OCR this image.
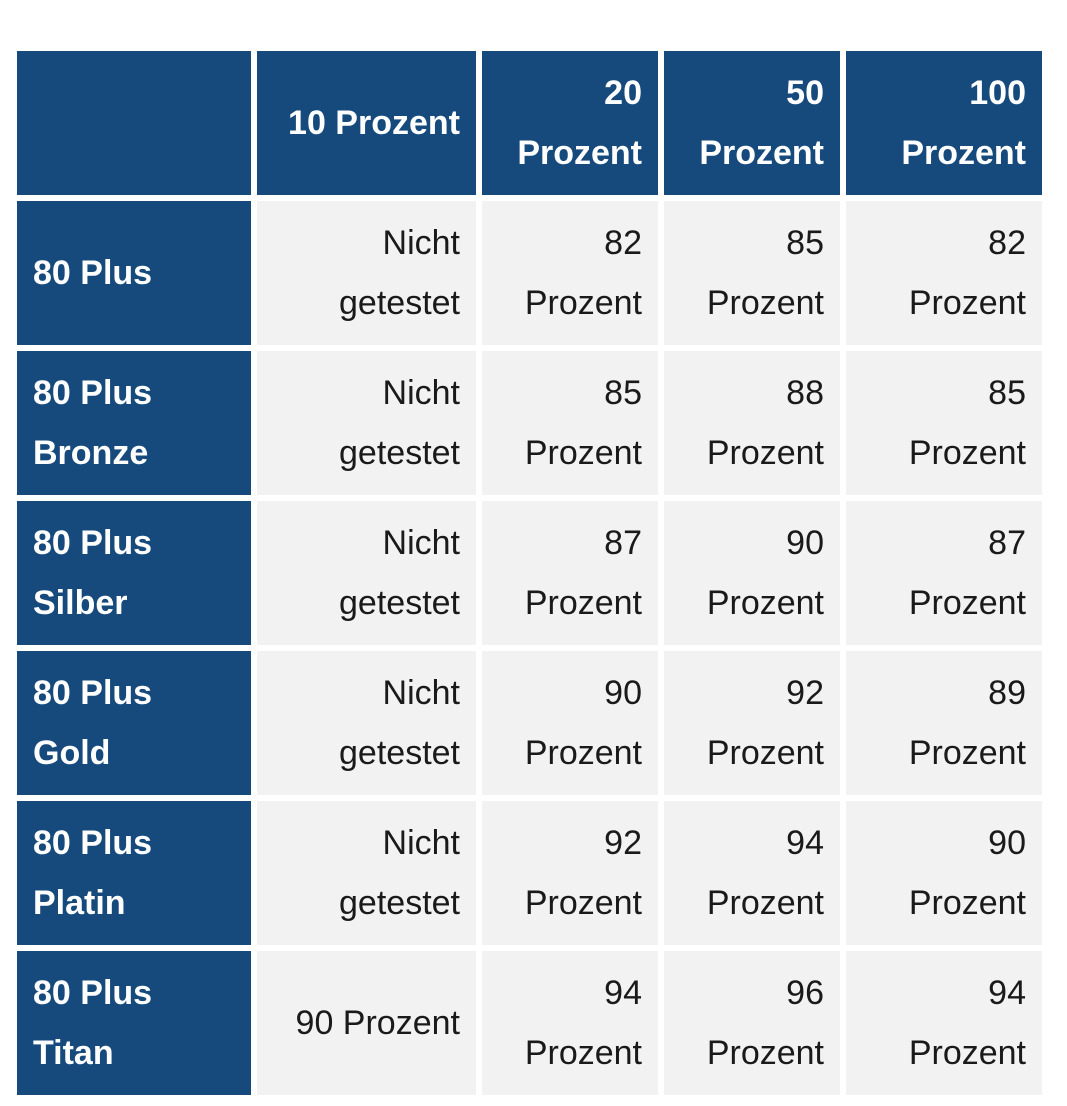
	10 Prozent	20 Prozent	50 Prozent	100 Prozent

80 Plus	Nicht getestet	82 Prozent	85 Prozent	82 Prozent

80 Plus Bronze	Nicht getestet	85 Prozent	88 Prozent	85 Prozent

80 Plus Silber	Nicht getestet	87 Prozent	90 Prozent	87 Prozent

80 Plus Gold	Nicht getestet	90 Prozent	92 Prozent	89 Prozent

80 Plus Platin	Nicht getestet	92 Prozent	94 Prozent	90 Prozent

80 Plus Titan	90 Prozent	94 Prozent	96 Prozent	94 Prozent
